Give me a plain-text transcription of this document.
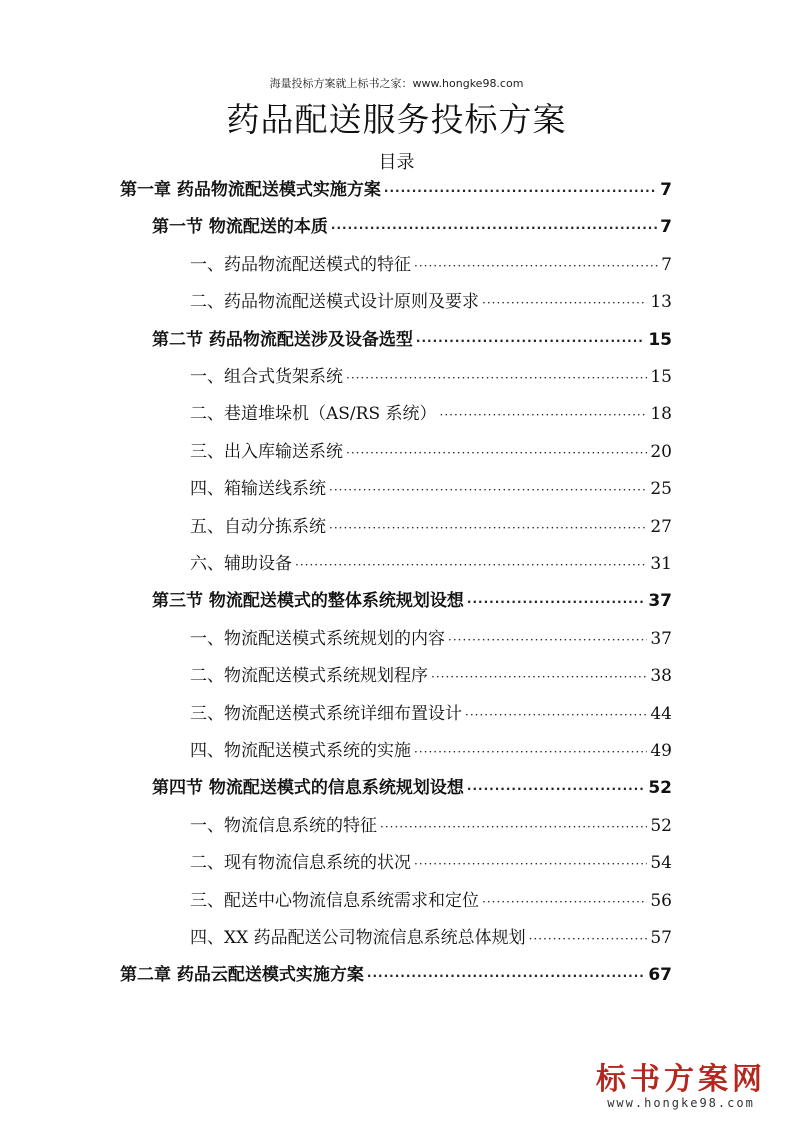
海量投标方案就上标书之家：www.hongke98.com
药品配送服务投标方案
目录
第一章 药品物流配送模式实施方案 ·····	7
第一节 物流配送的本质 ·····	7
一、药品物流配送模式的特征 ·····	7
二、药品物流配送模式设计原则及要求 ·····	13
第二节 药品物流配送涉及设备选型 ·····	15
一、组合式货架系统 ·····	15
二、巷道堆垛机（AS/RS 系统） ·····	18
三、出入库输送系统 ·····	20
四、箱输送线系统 ·····	25
五、自动分拣系统 ·····	27
六、辅助设备 ·····	31
第三节 物流配送模式的整体系统规划设想 ·····	37
一、物流配送模式系统规划的内容 ·····	37
二、物流配送模式系统规划程序 ·····	38
三、物流配送模式系统详细布置设计 ·····	44
四、物流配送模式系统的实施 ·····	49
第四节 物流配送模式的信息系统规划设想 ·····	52
一、物流信息系统的特征 ·····	52
二、现有物流信息系统的状况 ·····	54
三、配送中心物流信息系统需求和定位 ·····	56
四、XX 药品配送公司物流信息系统总体规划 ·····	57
第二章 药品云配送模式实施方案 ·····	67
标书方案网
www.hongke98.com
